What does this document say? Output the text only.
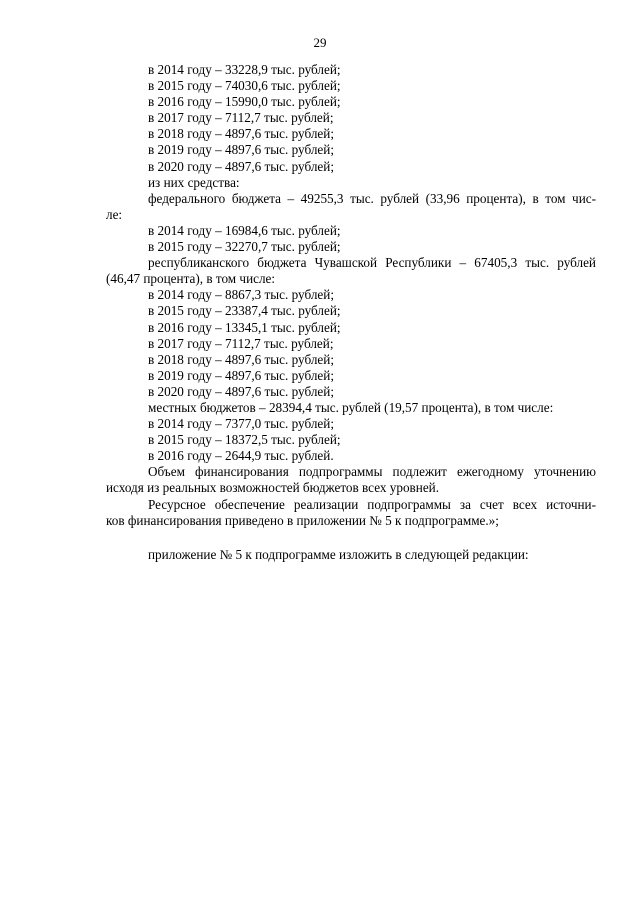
29
в 2014 году – 33228,9 тыс. рублей;
в 2015 году – 74030,6 тыс. рублей;
в 2016 году – 15990,0 тыс. рублей;
в 2017 году – 7112,7 тыс. рублей;
в 2018 году – 4897,6 тыс. рублей;
в 2019 году – 4897,6 тыс. рублей;
в 2020 году – 4897,6 тыс. рублей;
из них средства:
федерального бюджета – 49255,3 тыс. рублей (33,96 процента), в том чис-
ле:
в 2014 году – 16984,6 тыс. рублей;
в 2015 году – 32270,7 тыс. рублей;
республиканского бюджета Чувашской Республики – 67405,3 тыс. рублей
(46,47 процента), в том числе:
в 2014 году – 8867,3 тыс. рублей;
в 2015 году – 23387,4 тыс. рублей;
в 2016 году – 13345,1 тыс. рублей;
в 2017 году – 7112,7 тыс. рублей;
в 2018 году – 4897,6 тыс. рублей;
в 2019 году – 4897,6 тыс. рублей;
в 2020 году – 4897,6 тыс. рублей;
местных бюджетов – 28394,4 тыс. рублей (19,57 процента), в том числе:
в 2014 году – 7377,0 тыс. рублей;
в 2015 году – 18372,5 тыс. рублей;
в 2016 году – 2644,9 тыс. рублей.
Объем финансирования подпрограммы подлежит ежегодному уточнению
исходя из реальных возможностей бюджетов всех уровней.
Ресурсное обеспечение реализации подпрограммы за счет всех источни-
ков финансирования приведено в приложении № 5 к подпрограмме.»;
приложение № 5 к подпрограмме изложить в следующей редакции:
